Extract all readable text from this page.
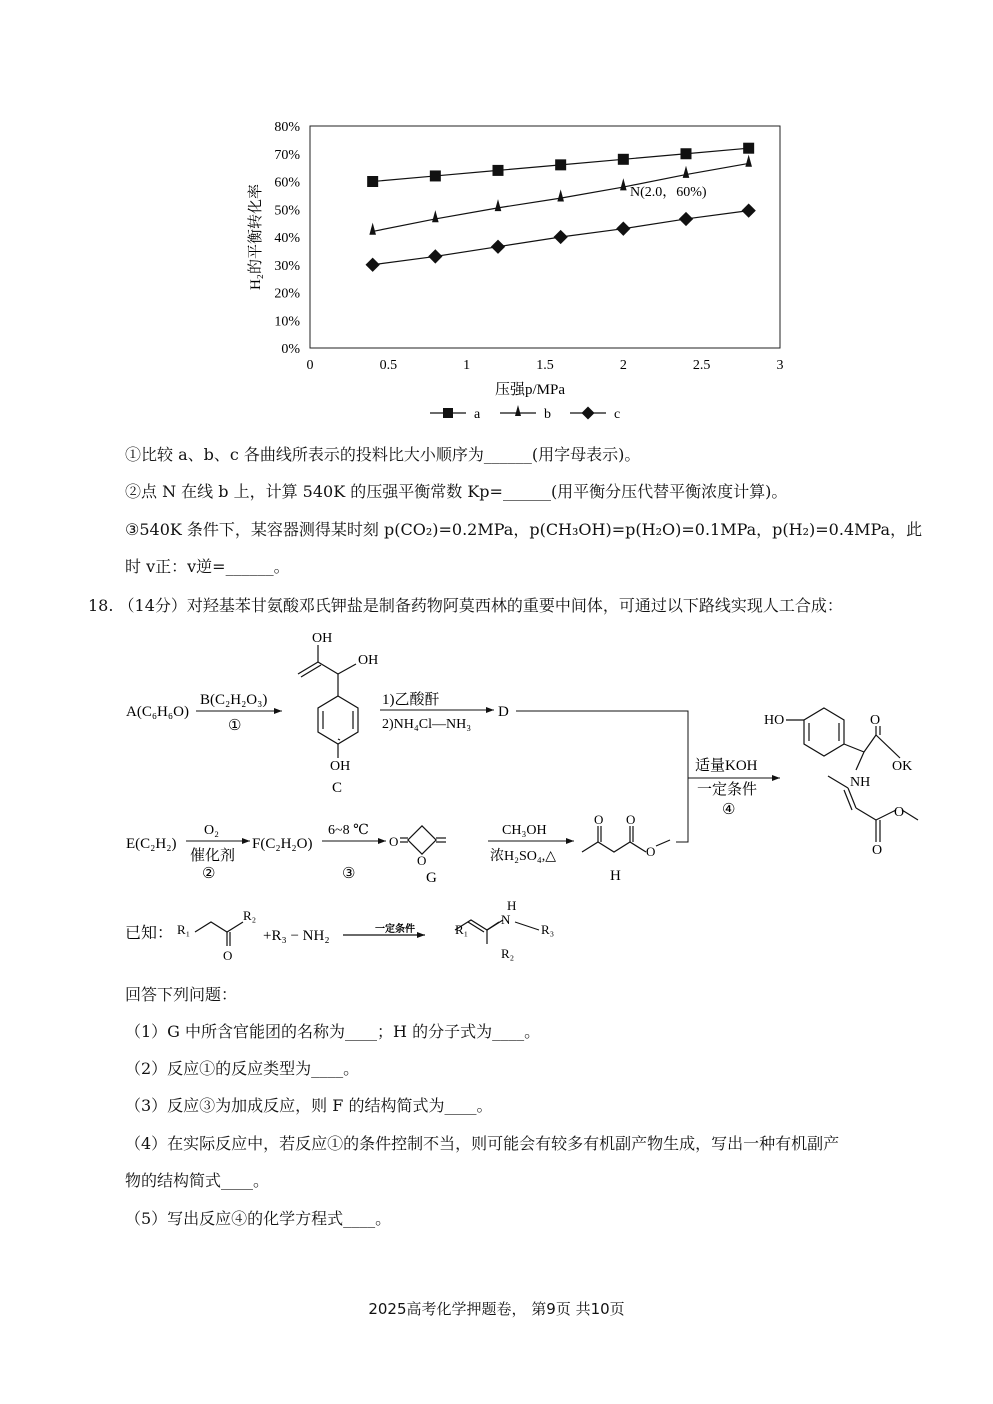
0%
10%
20%
30%
40%
50%
60%
70%
80%
0	0.5	1	1.5	2	2.5	3
H₂的平衡转化率
压强p/MPa
N(2.0，60%)
a	b	c
①比较 a、b、c 各曲线所表示的投料比大小顺序为______(用字母表示)。
②点 N 在线 b 上，计算 540K 的压强平衡常数 Kp=______(用平衡分压代替平衡浓度计算)。
③540K 条件下，某容器测得某时刻 p(CO₂)=0.2MPa，p(CH₃OH)=p(H₂O)=0.1MPa，p(H₂)=0.4MPa，此
时 v正：v逆=______。
18. （14分）对羟基苯甘氨酸邓氏钾盐是制备药物阿莫西林的重要中间体，可通过以下路线实现人工合成：
A(C₆H₆O)
B(C₂H₂O₃)
①
OH
OH
OH
C
1)乙酸酐
2)NH₄Cl—NH₃
D
适量KOH
一定条件
④
HO	O
OK
NH
O
O
E(C₂H₂)
O₂
催化剂
②
F(C₂H₂O)
6~8 ℃
③
O
O
G
CH₃OH
浓H₂SO₄,△
O O
O
H
已知： R₁
R₂
O
+R₃ − NH₂	一定条件	R₁
H
N
R₃
R₂
回答下列问题：
（1）G 中所含官能团的名称为____；H 的分子式为____。
（2）反应①的反应类型为____。
（3）反应③为加成反应，则 F 的结构简式为____。
（4）在实际反应中，若反应①的条件控制不当，则可能会有较多有机副产物生成，写出一种有机副产
物的结构简式____。
（5）写出反应④的化学方程式____。
2025高考化学押题卷， 第9页 共10页
